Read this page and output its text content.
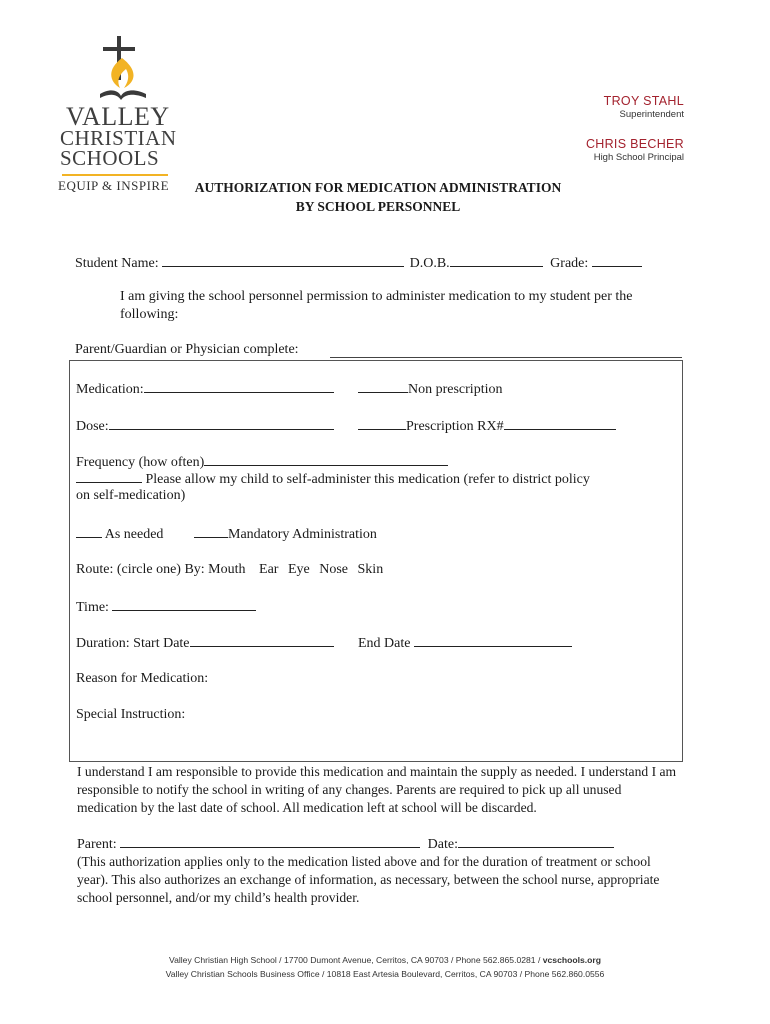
VALLEY
CHRISTIAN
SCHOOLS
EQUIP & INSPIRE
TROY STAHL
Superintendent
CHRIS BECHER
High School Principal
AUTHORIZATION FOR MEDICATION ADMINISTRATION
BY SCHOOL PERSONNEL
Student Name:	D.O.B.	Grade:
I am giving the school personnel permission to administer medication to my student per the following:
Parent/Guardian or Physician complete:
Medication:	Non prescription
Dose:	Prescription RX#
Frequency (how often)
Please allow my child to self-administer this medication (refer to district policy
on self-medication)
As needed	Mandatory Administration
Route: (circle one) By: Mouth Ear Eye Nose Skin
Time:
Duration: Start Date	End Date
Reason for Medication:
Special Instruction:
I understand I am responsible to provide this medication and maintain the supply as needed. I understand I am responsible to notify the school in writing of any changes. Parents are required to pick up all unused medication by the last date of school. All medication left at school will be discarded.
Parent:	Date:
(This authorization applies only to the medication listed above and for the duration of treatment or school year). This also authorizes an exchange of information, as necessary, between the school nurse, appropriate school personnel, and/or my child’s health provider.
Valley Christian High School / 17700 Dumont Avenue, Cerritos, CA 90703 / Phone 562.865.0281 / vcschools.org
Valley Christian Schools Business Office / 10818 East Artesia Boulevard, Cerritos, CA 90703 / Phone 562.860.0556
